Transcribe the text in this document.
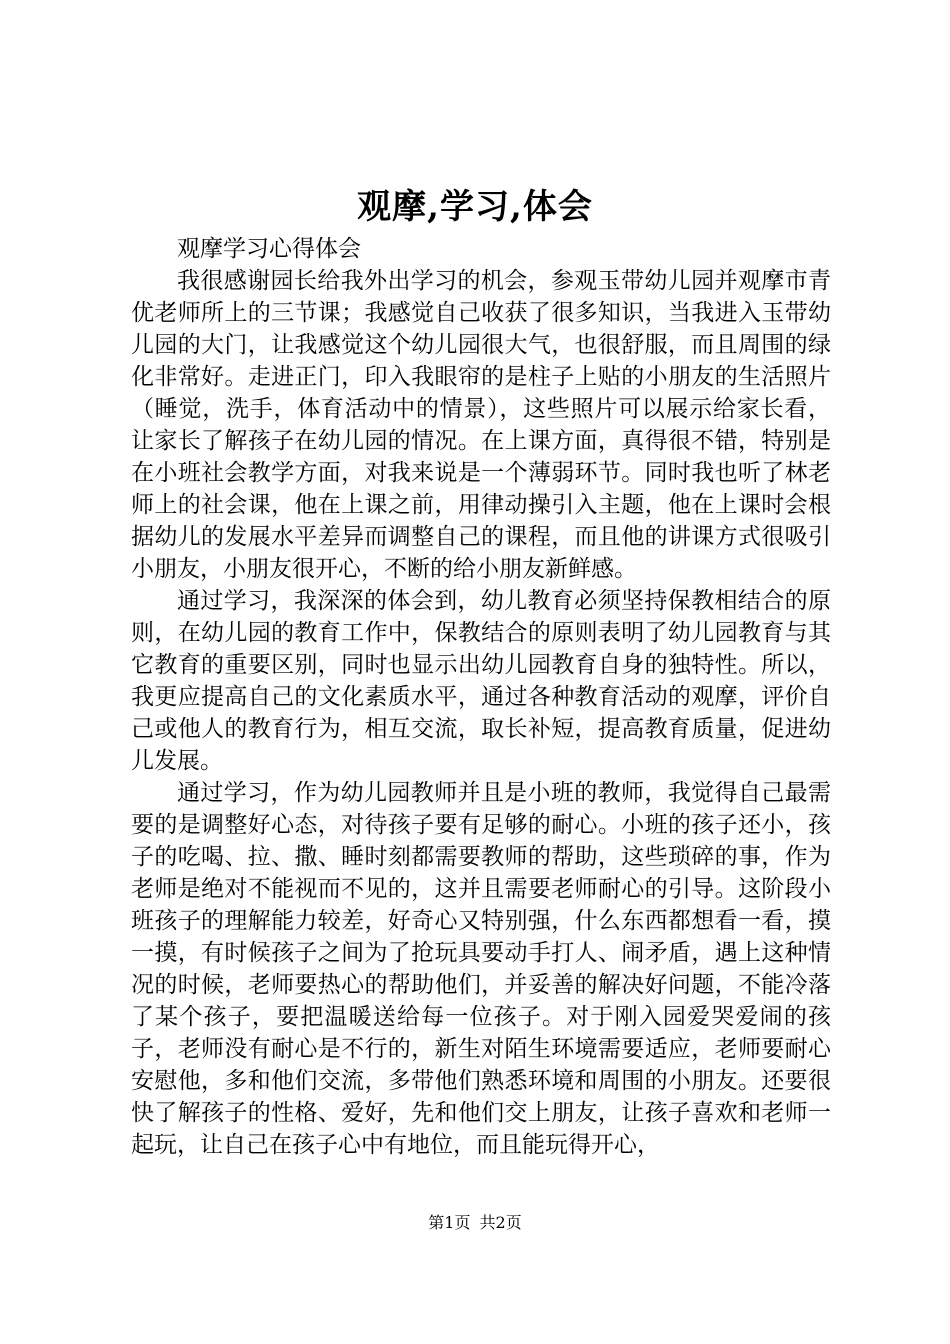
观摩,学习,体会

观摩学习心得体会

我很感谢园长给我外出学习的机会，参观玉带幼儿园并观摩市青优老师所上的三节课；我感觉自己收获了很多知识，当我进入玉带幼儿园的大门，让我感觉这个幼儿园很大气，也很舒服，而且周围的绿化非常好。走进正门，印入我眼帘的是柱子上贴的小朋友的生活照片（睡觉，洗手，体育活动中的情景），这些照片可以展示给家长看，让家长了解孩子在幼儿园的情况。在上课方面，真得很不错，特别是在小班社会教学方面，对我来说是一个薄弱环节。同时我也听了林老师上的社会课，他在上课之前，用律动操引入主题，他在上课时会根据幼儿的发展水平差异而调整自己的课程，而且他的讲课方式很吸引小朋友，小朋友很开心，不断的给小朋友新鲜感。

通过学习，我深深的体会到，幼儿教育必须坚持保教相结合的原则，在幼儿园的教育工作中，保教结合的原则表明了幼儿园教育与其它教育的重要区别，同时也显示出幼儿园教育自身的独特性。所以，我更应提高自己的文化素质水平，通过各种教育活动的观摩，评价自己或他人的教育行为，相互交流，取长补短，提高教育质量，促进幼儿发展。

通过学习，作为幼儿园教师并且是小班的教师，我觉得自己最需要的是调整好心态，对待孩子要有足够的耐心。小班的孩子还小，孩子的吃喝、拉、撒、睡时刻都需要教师的帮助，这些琐碎的事，作为老师是绝对不能视而不见的，这并且需要老师耐心的引导。这阶段小班孩子的理解能力较差，好奇心又特别强，什么东西都想看一看，摸一摸，有时候孩子之间为了抢玩具要动手打人、闹矛盾，遇上这种情况的时候，老师要热心的帮助他们，并妥善的解决好问题，不能冷落了某个孩子，要把温暖送给每一位孩子。对于刚入园爱哭爱闹的孩子，老师没有耐心是不行的，新生对陌生环境需要适应，老师要耐心安慰他，多和他们交流，多带他们熟悉环境和周围的小朋友。还要很快了解孩子的性格、爱好，先和他们交上朋友，让孩子喜欢和老师一起玩，让自己在孩子心中有地位，而且能玩得开心，

第1页 共2页
